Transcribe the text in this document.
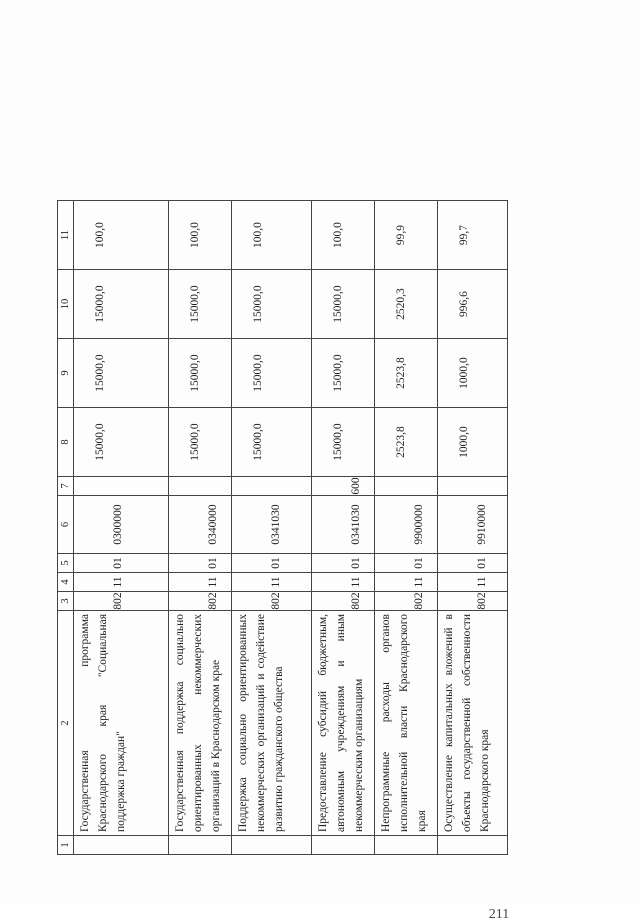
211
1	2	3	4	5	6	7	8	9	10	11
	Государственная программа Краснодарского края "Социальная поддержка граждан"	802	11	01	0300000		15000,0	15000,0	15000,0	100,0
	Государственная поддержка социально ориентированных некоммерческих организаций в Краснодарском крае	802	11	01	0340000		15000,0	15000,0	15000,0	100,0
	Поддержка социально ориентированных некоммерческих организаций и содействие развитию гражданского общества	802	11	01	0341030		15000,0	15000,0	15000,0	100,0
	Предоставление субсидий бюджетным, автономным учреждениям и иным некоммерческим организациям	802	11	01	0341030	600	15000,0	15000,0	15000,0	100,0
	Непрограммные расходы органов исполнительной власти Краснодарского края	802	11	01	9900000		2523,8	2523,8	2520,3	99,9
	Осуществление капитальных вложений в объекты государственной собственности Краснодарского края	802	11	01	9910000		1000,0	1000,0	996,6	99,7
